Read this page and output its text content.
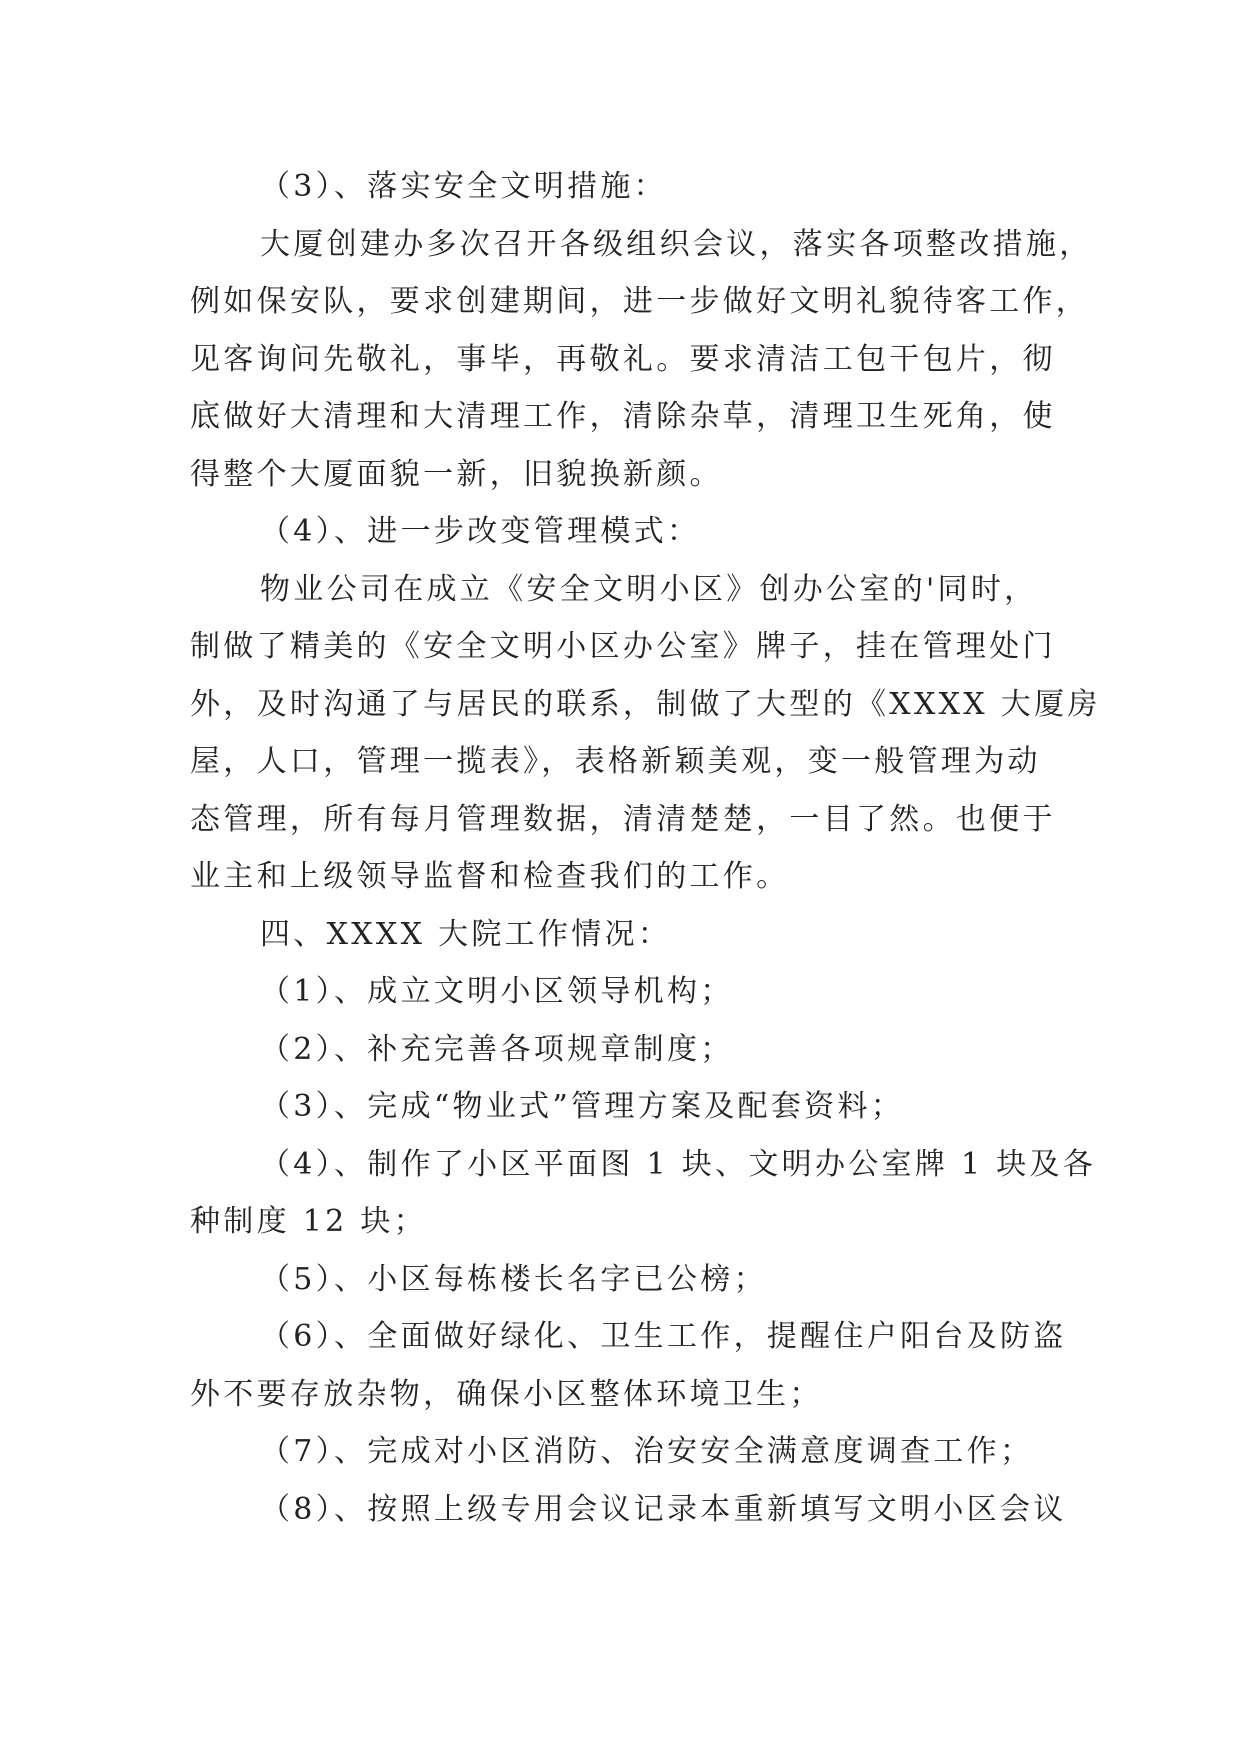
（3）、落实安全文明措施：
大厦创建办多次召开各级组织会议，落实各项整改措施，
例如保安队，要求创建期间，进一步做好文明礼貌待客工作，
见客询问先敬礼，事毕，再敬礼。要求清洁工包干包片，彻
底做好大清理和大清理工作，清除杂草，清理卫生死角，使
得整个大厦面貌一新，旧貌换新颜。
（4）、进一步改变管理模式：
物业公司在成立《安全文明小区》创办公室的'同时，
制做了精美的《安全文明小区办公室》牌子，挂在管理处门
外，及时沟通了与居民的联系，制做了大型的《XXXX 大厦房
屋，人口，管理一揽表》，表格新颖美观，变一般管理为动
态管理，所有每月管理数据，清清楚楚，一目了然。也便于
业主和上级领导监督和检查我们的工作。
四、XXXX 大院工作情况：
（1）、成立文明小区领导机构；
（2）、补充完善各项规章制度；
（3）、完成“物业式”管理方案及配套资料；
（4）、制作了小区平面图 1 块、文明办公室牌 1 块及各
种制度 12 块；
（5）、小区每栋楼长名字已公榜；
（6）、全面做好绿化、卫生工作，提醒住户阳台及防盗
外不要存放杂物，确保小区整体环境卫生；
（7）、完成对小区消防、治安安全满意度调查工作；
（8）、按照上级专用会议记录本重新填写文明小区会议
